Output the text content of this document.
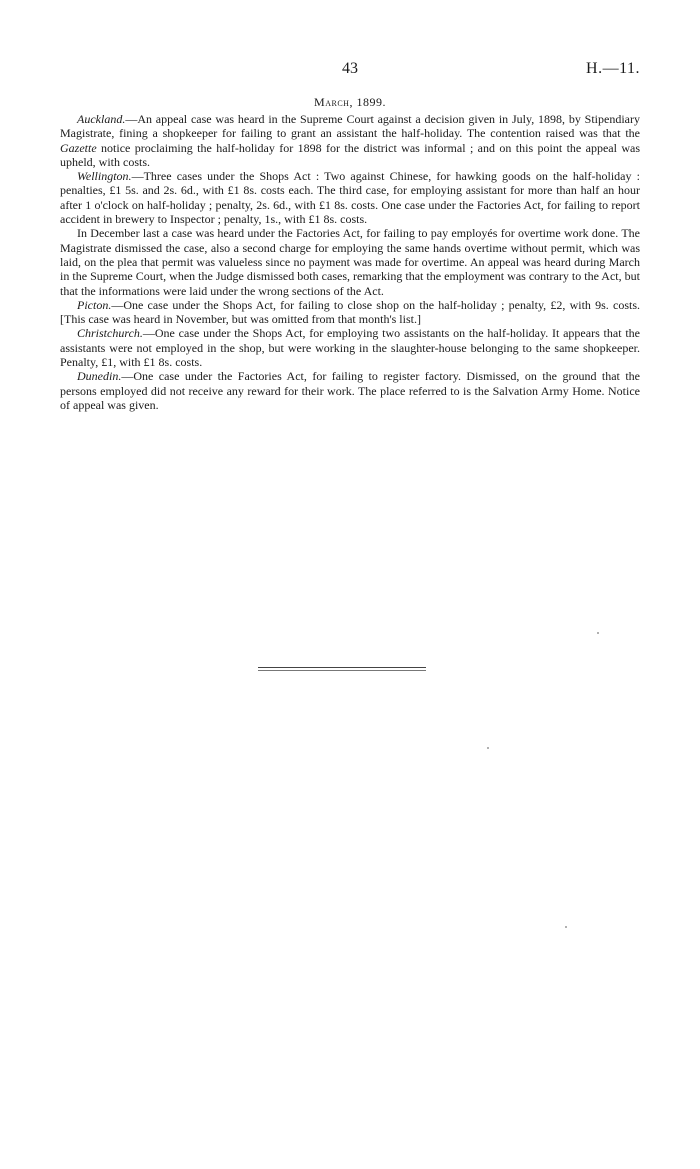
43	H.—11.
March, 1899.

Auckland.—An appeal case was heard in the Supreme Court against a decision given in July, 1898, by Stipendiary Magistrate, fining a shopkeeper for failing to grant an assistant the half-holiday. The contention raised was that the Gazette notice proclaiming the half-holiday for 1898 for the district was informal ; and on this point the appeal was upheld, with costs.

Wellington.—Three cases under the Shops Act : Two against Chinese, for hawking goods on the half-holiday : penalties, £1 5s. and 2s. 6d., with £1 8s. costs each. The third case, for employing assistant for more than half an hour after 1 o'clock on half-holiday ; penalty, 2s. 6d., with £1 8s. costs. One case under the Factories Act, for failing to report accident in brewery to Inspector ; penalty, 1s., with £1 8s. costs.

In December last a case was heard under the Factories Act, for failing to pay employés for overtime work done. The Magistrate dismissed the case, also a second charge for employing the same hands overtime without permit, which was laid, on the plea that permit was valueless since no payment was made for overtime. An appeal was heard during March in the Supreme Court, when the Judge dismissed both cases, remarking that the employment was contrary to the Act, but that the informations were laid under the wrong sections of the Act.

Picton.—One case under the Shops Act, for failing to close shop on the half-holiday ; penalty, £2, with 9s. costs. [This case was heard in November, but was omitted from that month's list.]

Christchurch.—One case under the Shops Act, for employing two assistants on the half-holiday. It appears that the assistants were not employed in the shop, but were working in the slaughter-house belonging to the same shopkeeper. Penalty, £1, with £1 8s. costs.

Dunedin.—One case under the Factories Act, for failing to register factory. Dismissed, on the ground that the persons employed did not receive any reward for their work. The place referred to is the Salvation Army Home. Notice of appeal was given.
